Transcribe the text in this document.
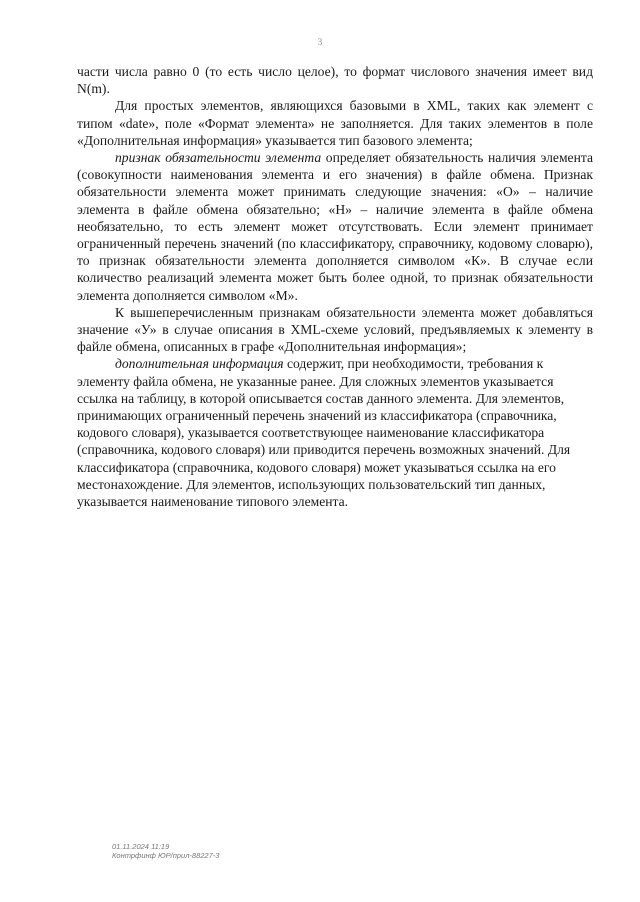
3

части числа равно 0 (то есть число целое), то формат числового значения имеет вид N(m).

Для простых элементов, являющихся базовыми в XML, таких как элемент с типом «date», поле «Формат элемента» не заполняется. Для таких элементов в поле «Дополнительная информация» указывается тип базового элемента;

признак обязательности элемента определяет обязательность наличия элемента (совокупности наименования элемента и его значения) в файле обмена. Признак обязательности элемента может принимать следующие значения: «О» – наличие элемента в файле обмена обязательно; «Н» – наличие элемента в файле обмена необязательно, то есть элемент может отсутствовать. Если элемент принимает ограниченный перечень значений (по классификатору, справочнику, кодовому словарю), то признак обязательности элемента дополняется символом «К». В случае если количество реализаций элемента может быть более одной, то признак обязательности элемента дополняется символом «М».

К вышеперечисленным признакам обязательности элемента может добавляться значение «У» в случае описания в XML-схеме условий, предъявляемых к элементу в файле обмена, описанных в графе «Дополнительная информация»;

дополнительная информация содержит, при необходимости, требования к элементу файла обмена, не указанные ранее. Для сложных элементов указывается ссылка на таблицу, в которой описывается состав данного элемента. Для элементов, принимающих ограниченный перечень значений из классификатора (справочника, кодового словаря), указывается соответствующее наименование классификатора (справочника, кодового словаря) или приводится перечень возможных значений. Для классификатора (справочника, кодового словаря) может указываться ссылка на его местонахождение. Для элементов, использующих пользовательский тип данных, указывается наименование типового элемента.

01.11.2024 11:19
Контрфинф ЮР/прил-88227-3
